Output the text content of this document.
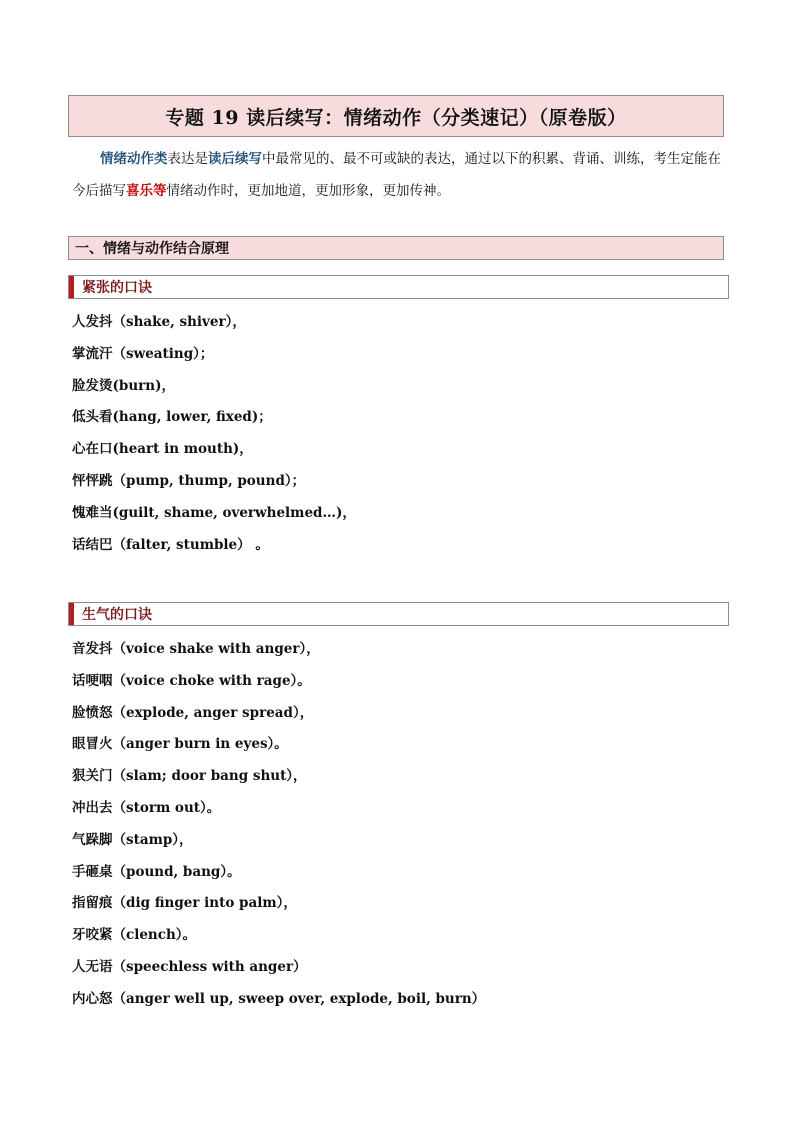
专题 19 读后续写：情绪动作（分类速记）（原卷版）

情绪动作类表达是读后续写中最常见的、最不可或缺的表达，通过以下的积累、背诵、训练，考生定能在今后描写喜乐等情绪动作时，更加地道，更加形象，更加传神。

一、情绪与动作结合原理
紧张的口诀
人发抖（shake, shiver），
掌流汗（sweating）；
脸发烫(burn)，
低头看(hang, lower, fixed)；
心在口(heart in mouth)，
怦怦跳（pump, thump, pound）；
愧难当(guilt, shame, overwhelmed…)，
话结巴（falter, stumble） 。
生气的口诀
音发抖（voice shake with anger），
话哽咽（voice choke with rage）。
脸愤怒（explode, anger spread），
眼冒火（anger burn in eyes）。
狠关门（slam; door bang shut），
冲出去（storm out）。
气跺脚（stamp），
手砸桌（pound, bang）。
指留痕（dig finger into palm），
牙咬紧（clench）。
人无语（speechless with anger）
内心怒（anger well up, sweep over, explode, boil, burn）
